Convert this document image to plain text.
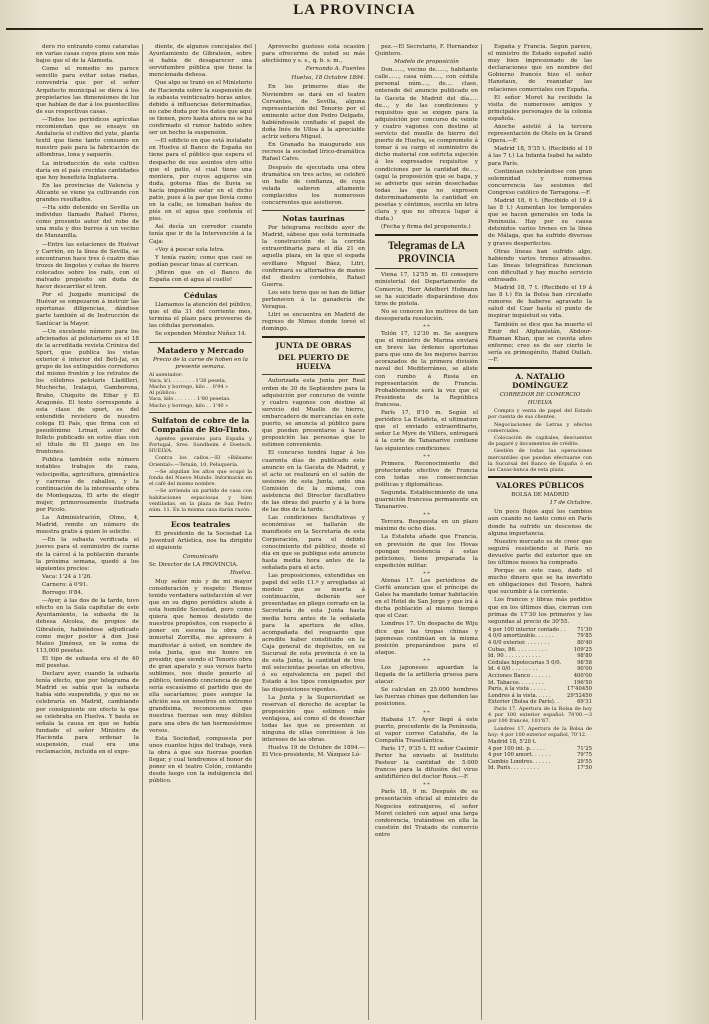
LA PROVINCIA

dero río entrando como cataratas en varias casas cuyos pisos son más bajos que el de la Alameda.

Como el remedio no parece sencillo para evitar estas riadas, convendría que por el señor Arquitecto municipal se diera á los propietarios las dimensiones de luz que habían de dar á los puentecillos de sus respectivas casas.

—Todos los periódicos agrícolas recomiendan que se ensaye en Andalucía el cultivo del yute, planta textil que tiene tanto consumo en nuestro país para la fabricación de alfombras, lona y saquerío.

La introducción de este cultivo daría en el país crecidas cantidades que hoy beneficia Inglaterra.

En las provincias de Valencia y Alicante se viene ya cultivando con grandes resultados.

—Ha sido detenido en Sevilla un individuo llamado Rafael Flores, como presunto autor del robo de una mula y dos burros á un vecino de Manzanilla.

—Entre las estaciones de Huévar y Carrión, en la línea de Sevilla, se encontraron hace tres ó cuatro días trozos de lingotes y cuñas de hierro colocados sobre los rails, con el malvado propósito sin duda de hacer descarrilar el tren.

Por el Juzgado municipal de Huévar se empezaron á instruir las oportunas diligencias, dándose parte también al de Instrucción de Sanlúcar la Mayor.

—Un excelente número para los aficionados al pelotarismo es el 18 de la acreditada revista Crónica del Sport, que publica los vistas exterior é interior del Beti-Jai, en grupo de los extinguidos corredores del mismo frontón y los retratos de los célebres pelotaris Lladilleri, Mucheche, Iralaqui, Gamborena, Brabo, Chiquito de Eibar y El Aragonés. El texto corresponde á esta clase de sport, es del entendido revistero de nuestro colega El País, que firma con el pseudónimo Lrinad, autor del folleto publicado en estos días con el título de El juego en los frontones.

Publica también este número notables trabajos de caza, velocipedia, agricultura, gimnástica y carreras de caballos, y la continuación de la interesante obra de Montegazza, El arte de elegir mujer, primorosamente ilustrada por Picolo.

La Administración, Olmo, 4, Madrid, remite un número de muestra gratis á quien lo solicite.

—En la subasta verificada el jueves para el suministro de carne de la cárcel á la población durante la próxima semana, quedó á los siguientes precios:

Vaca: 1'24 á 1'26.

Carnero: á 0'91.

Borrego: 0'84.

—Ayer, á las dos de la tarde, tuvo efecto en la Sala capitular de este Ayuntamiento, la subasta de la dehesa Alcolea, de propios de Gibraleón, habiéndose adjudicado como mejor postor á don José Mateo Jiménez, en la suma de 113,000 pesetas.

El tipo de subasta era el de 40 mil pesetas.

Declaro ayer, cuando la subasta tenía efecto, que por telegrama de Madrid se sabía que la subasta había sido suspendida, y que no se celebraría en Madrid, cambiando por consiguiente sin efecto la que se celebraba en Huelva. Y basta se señala la causa en que se había fundado el señor Ministro de Hacienda para ordenar la suspensión, cual era una reclamación, incluida en el expe-

diente, de algunos concejales del Ayuntamiento de Gibraleón, sobre si había de desaparecer una servidumbre pública que tiene la mencionada dehesa.

Que algo se tranó en el Ministerio de Hacienda sobre la suspensión de la subasta veinticuatro horas antes, debido á influencias determinadas, no cabe duda por los datos que aquí se tienen, pero hasta ahora no se ha confirmado el rumor habido sobre ser un hecho la suspensión.

—El edificio en que está instalado en Huelva el Banco de España no tiene para el público que espera el despacho de sus asuntos otro sitio que el patio, el cual tiene una montera, por cuyos agujeros sin duda, goteras filas de lluvia se hacía imposible estar en el dicho patio, pues á la par que llovía como en la calle, se tomaban baños de piés en el agua que contenía el piso.

Así decía un corredor cuando tenía que ir de la Intervención á la Caja:

«Voy á pescar esta letra.

Y tenía razón; como que casi se podían pescar tinas al currican.

¡Miren que en el Banco de España con el agua al cuello!

Cédulas

Llamamos la atención del público, que el día 31 del corriente mes, termina el plazo para proveerse de las cédulas personales.

Se expenden Méndez Núñez 14.

Matadero y Mercado
Precio de la carne de hoben en la presente semana.
Al asentador:
Vaca, k'l. . . . . . . . 1'26 peseta.
Macho y borrego, kilo . . 0'94 »
Al público:
Vaca, kilo . . . . . . . 1'80 pesetas.
Macho y borrego, kilo . . 1'40 »
Sulfaton de cobre de la Compañía de Rio-Tinto.

Agentes generales para España y Portugal, Sres. Sundheim é Doetsch. HUELVA.

Contra los callos.—El «Bálsamo Oriental».—Tetuán, 10, Peluquería.

—Se alquilan los altos que ocupó la fonda del Nuevo Mundo. Informarán en el café del mismo nombre.

—Se arrienda un partido de casa con habitaciones espaciosas y bien ventiladas, en la plaza de San Pedro núm. 11. En la misma casa darán razón.

Ecos teatrales

El presidente de la Sociedad La Juventud Artística, nos ha dirigido el siguiente

Comunicado
Sr. Director de LA PROVINCIA.
Huelva.

Muy señor mío y de mi mayor consideración y respeto: Hemos tenido verdadera satisfacción al ver que en su digno periódico alude á esta humilde Sociedad, pero como quiera que hemos desistido de nuestros propósitos, con respecto á poner en escena la obra del inmortal Zorrilla, me apresuro á manifestar á usted, en nombre de esta Junta, que me honro en presidir, que siendo el Tenorio obra de gran aparato y sus versos harto sublimes, nos duele ponerlo al público, teniendo conciencia de que sería escasísimo el partido que de ella sacaríamos; pues aunque la afición sea en nosotros en extremo grandísima, reconocemos que nuestras fuerzas son muy débiles para una obra de tan hermosísimos versos.

Esta Sociedad, compuesta por unos cuantos hijos del trabajo, verá la obra á que sus fuerzas puedan llegar, y cual tendremos el honor de poner en el teatro Colón, contando desde luego con la indulgencia del público.

Aprovecho gustoso esta ocasión para ofrecerme de usted su más afectísimo y s. s., q. b. s. m.,

Fernando A. Fuentes
Huelva, 18 Octubre 1894.

En los primeros días de Noviembre se dará en el teatro Cervantes, de Sevilla, alguna representación del Tenorio por el eminente actor don Pedro Delgado, habiéndosele confiado el papel de doña Inés de Ulloa á la apreciable actriz señora Miguel.

En Granada ha inaugurado sus recreos la sociedad lírico-dramática Rafael Calvo.

Después de ejecutada una obra dramática en tres actos, se celebró un baile de confianza, de cuya velada salieron altamente complacidos los numerosos concurrentes que asistieron.

Notas taurinas

Por telegrama recibido ayer de Madrid, sábese que está terminada la construcción de la corrida extraordinaria para el día 21 en aquella plaza, en la que el espada sevillano Miguel Báez, Litri, confirmará su alternativa de manos del diestro cordobés, Rafael Guerra.

Los seis toros que se han de lidiar pertenecen á la ganadería de Veragua.

Litri se encuentra en Madrid de regreso de Nimes donde toreó el domingo.

JUNTA DE OBRAS
DEL PUERTO DE HUELVA

Autorizada esta Junta por Real orden de 30 de Septiembre para la adquisición por concurso de veinte y cuatro vagones con destino al servicio del Muelle de hierro, embarcadero de mercancías en este puerto, se anuncia al público para que puedan presentarse á hacer proposición las personas que lo estimen conveniente.

El concurso tendrá lugar á los cuarenta días de publicado este anuncio en la Gaceta de Madrid, y el acto se realizará en el salón de sesiones de esta Junta, ante una Comisión de la misma, con asistencia del Director facultativo de las obras del puerto y á la hora de las dos de la tarde.

Las condiciones facultativas y económicas se hallarán de manifiesto en la Secretaría de esta Corporación, para el debido conocimiento del público, desde el día en que se publique este anuncio hasta media hora antes de la señalada para el acto.

Las proposiciones, extendidas en papel del sello 11.º y arregladas al modelo que se inserta á continuación, deberán ser presentadas en pliego cerrado en la Secretaría de esta Junta hasta media hora antes de la señalada para la apertura de ellos, acompañada del resguardo que acredite haber constituido en la Caja general de depósitos, en su Sucursal de esta provincia ó en la de esta Junta, la cantidad de tres mil seiscientas pesetas en efectivo, ó su equivalencia en papel del Estado á los tipos consignados por las disposiciones vigentes.

La Junta y la Superioridad se reservan el derecho de aceptar la proposición que estimen más ventajosa, así como el de desechar todas las que se presenten si ninguna de ellas conviniese á los intereses de las obras.

Huelva 19 de Octubre de 1894.—El Vice-presidente, M. Vázquez Ló-

pez.—El Secretario, F. Hernández Quintero.

Modelo de proposición

Don......, vecino de......, habitante calle......, casa núm....., con cédula personal núm...., de.... clase, enterado del anuncio publicado en la Gaceta de Madrid del día..... de..., y de las condiciones y requisitos que se exigen para la adquisición por concurso de veinte y cuatro vagones con destino al servicio del muelle de hierro del puerto de Huelva, se compromete á tomar á su cargo el suministro de dicho material con estricta sujeción á los expresados requisitos y condiciones por la cantidad de..... (aquí la proposición que se haga, y se advierte que serán desechadas todas las que no expresen determinadamente la cantidad en pesetas y céntimos, escrita en letra clara y que no ofrezca lugar á duda.)

(Fecha y firma del proponente.)

Telegramas de LA PROVINCIA

Viena 17, 12'55 m. El consejero ministerial del Departamento de Comercio, Herr Adelbert Hofmann se ha suicidado disparándose dos tiros de pistola.

No se conocen los motivos de tan desesperada resolución.

* *

Tolón 17, 12'30 m. Se asegura que el ministro de Marina enviará en breve las órdenes oportunas para que uno de los mejores barcos acorazados de la primera división naval del Mediterráneo, se aliste con rumbo á Rusia en representación de Francia. Probablemente será la vez que el Presidente de la República francesa.

París 17, 8'10 m. Según el periódico La Estafeta, el ultimatum que el enviado extraordinario, señor Le Myre de Villers, entregará á la corte de Tananarive contiene las siguientes condiciones:

* *

Primera. Reconocimiento del protectorado efectivo de Francia con todas sus consecuencias políticas y diplomáticas.

Segunda. Establecimiento de una guarnición francesa permanente en Tananarive.

* *

Tercera. Respuesta en un plazo máximo de ocho días.

La Estafeta añade que Francia, en previsión de que los Hovas opongan resistencia á estas peticiones, tiene preparada la expedición militar.

* *

Atenas 17. Los periódicos de Corfú anuncian que el príncipe de Gales ha mandado tomar habitación en el Hotel de San Jorge y que irá á dicha población al mismo tiempo que el Czar.

Londres 17. Un despacho de Wiju dice que las tropas chinas y japonesas continúan en la misma posición preparándose para el ataque.

* *

Los japoneses aguardan la llegada de la artillería gruesa para atacar.

Se calculan en 25.000 hombres las fuerzas chinas que defienden las posiciones.

* *

Habana 17. Ayer llegó á este puerto, procedente de la Península, el vapor correo Cataluña, de la Compañía Trasatlántica.

París 17, 9'35 t. El señor Casimir Perier ha enviado al Instituto Pasteur la cantidad de 5.000 francos para la difusión del virus antidiftérico del doctor Roux.—F.

* *

París 18, 9 m. Después de su presentación oficial al ministro de Negocios extranjeros, el señor Moret celebró con aquel una larga conferencia, tratándose en ella la cuestión del Tratado de comercio entre

España y Francia. Según parece, el ministro de Estado español salió muy bien impresionado de las declaraciones que en nombre del Gobierno francés hizo el señor Hanotaux, de reanudar las relaciones comerciales con España.

El señor Moret ha recibido la visita de numerosos amigos y principales personajes de la colonia española.

Anoche asistió á la tercera representación de Otelo en la Grand Opera.—F.

Madrid 18, 5'35 t. (Recibido el 19 á las 7 t.) La Infanta Isabel ha salido para París.

Continúan celebrándose con gran solemnidad y numerosa concurrencia las sesiones del Congreso católico de Tarragona.—F.

Madrid 18, 6 t. (Recibido el 19 á las 8 t.) Aumentan los temporales que se hacen generales en toda la Península. Hay por su causa detenidos varios trenes en la línea de Málaga, que ha sufrido diversas y graves desperfectos.

Otras líneas han sufrido algo, habiendo varios trenes atrasados. Las líneas telegráficas funcionan con dificultad y hay mucho servicio entrasado.

Madrid 18, 7 t. (Recibido el 19 á las 8 t.) En la Bolsa han circulado rumores de haberse agravado la salud del Czar hasta el punto de inspirar inquietud su vida.

También se dice que ha muerto el Emir del Afghanistán, Abdour-Rhaman Khan, que se cuenta años enfermo; creo es de ser cierto le sería su primogénito, Habid Oullah.—F.

A. NATALIO DOMÍNGUEZ
CORREDOR DE COMERCIO
HUELVA

Compra y venta de papel del Estado por cuenta de sus clientes.

Negociaciones de Letras y efectos comerciales.

Colocación de capitales, descuentos de pagaré y documentos de crédito.

Gestión de todas las operaciones mercantiles que puedan efectuarse con la Sucursal del Banco de España ó en las Casas-banca de esta plaza.

VALORES PÚBLICOS
BOLSA DE MADRID
17 de Octubre.

Un poco flojos aquí los cambios aun cuando no tanto como en París donde ha sufrido un descenso de alguna importancia.

Nuestro mercado es de creer que seguirá resistiendo si París no devuelve parte del exterior que en los últimos meses ha comprado.

Porque en este caso, dado el mucho dinero que se ha invertido en obligaciones del Tesoro, habrá que sucumbir á la corriente.

Los francos y libras más pedidos que en los últimos días, cierran con primas de 17'30 los primeros y las segundas al precio de 30'55.

4 por 100 interior contado . . 71'30
4 0/0 amortizable. . . . . .	79'85
4 0/0 exterior. . . . . . . .	80'40
Cubas, 86. . . . . . . . . .	109'25
Id. 90 . . . . . . . . . . .	98'80
Cédulas hipotecarias 5 0/0.	98'58
Id. 4 0/0 . . . . . . . .	90'00
Acciones Banco . . . . . .	400'00
Id. Tabacos. . . . . . . .	196'50
París, á la vista . . . . .	17'40450
Londres á la vista. . . . .	29'52450
Exterior (Bolsa de París). .	69'31

París 17. Apertura de la Bolsa de hoy 4 por 100 exterior español: 70'00.—3 por 100 francés, 101'67.

Londres 17. Apertura de la Bolsa de hoy: 4 por 100 exterior español, 70'12.

Madrid 18, 5'20 t.
4 por 100 int. p. . . . .	71'25
4 por 100 amort. . . . . .	79'75
Cambio Londres. . . . . .	29'55
Id. París. . . . . . . . .	17'50
